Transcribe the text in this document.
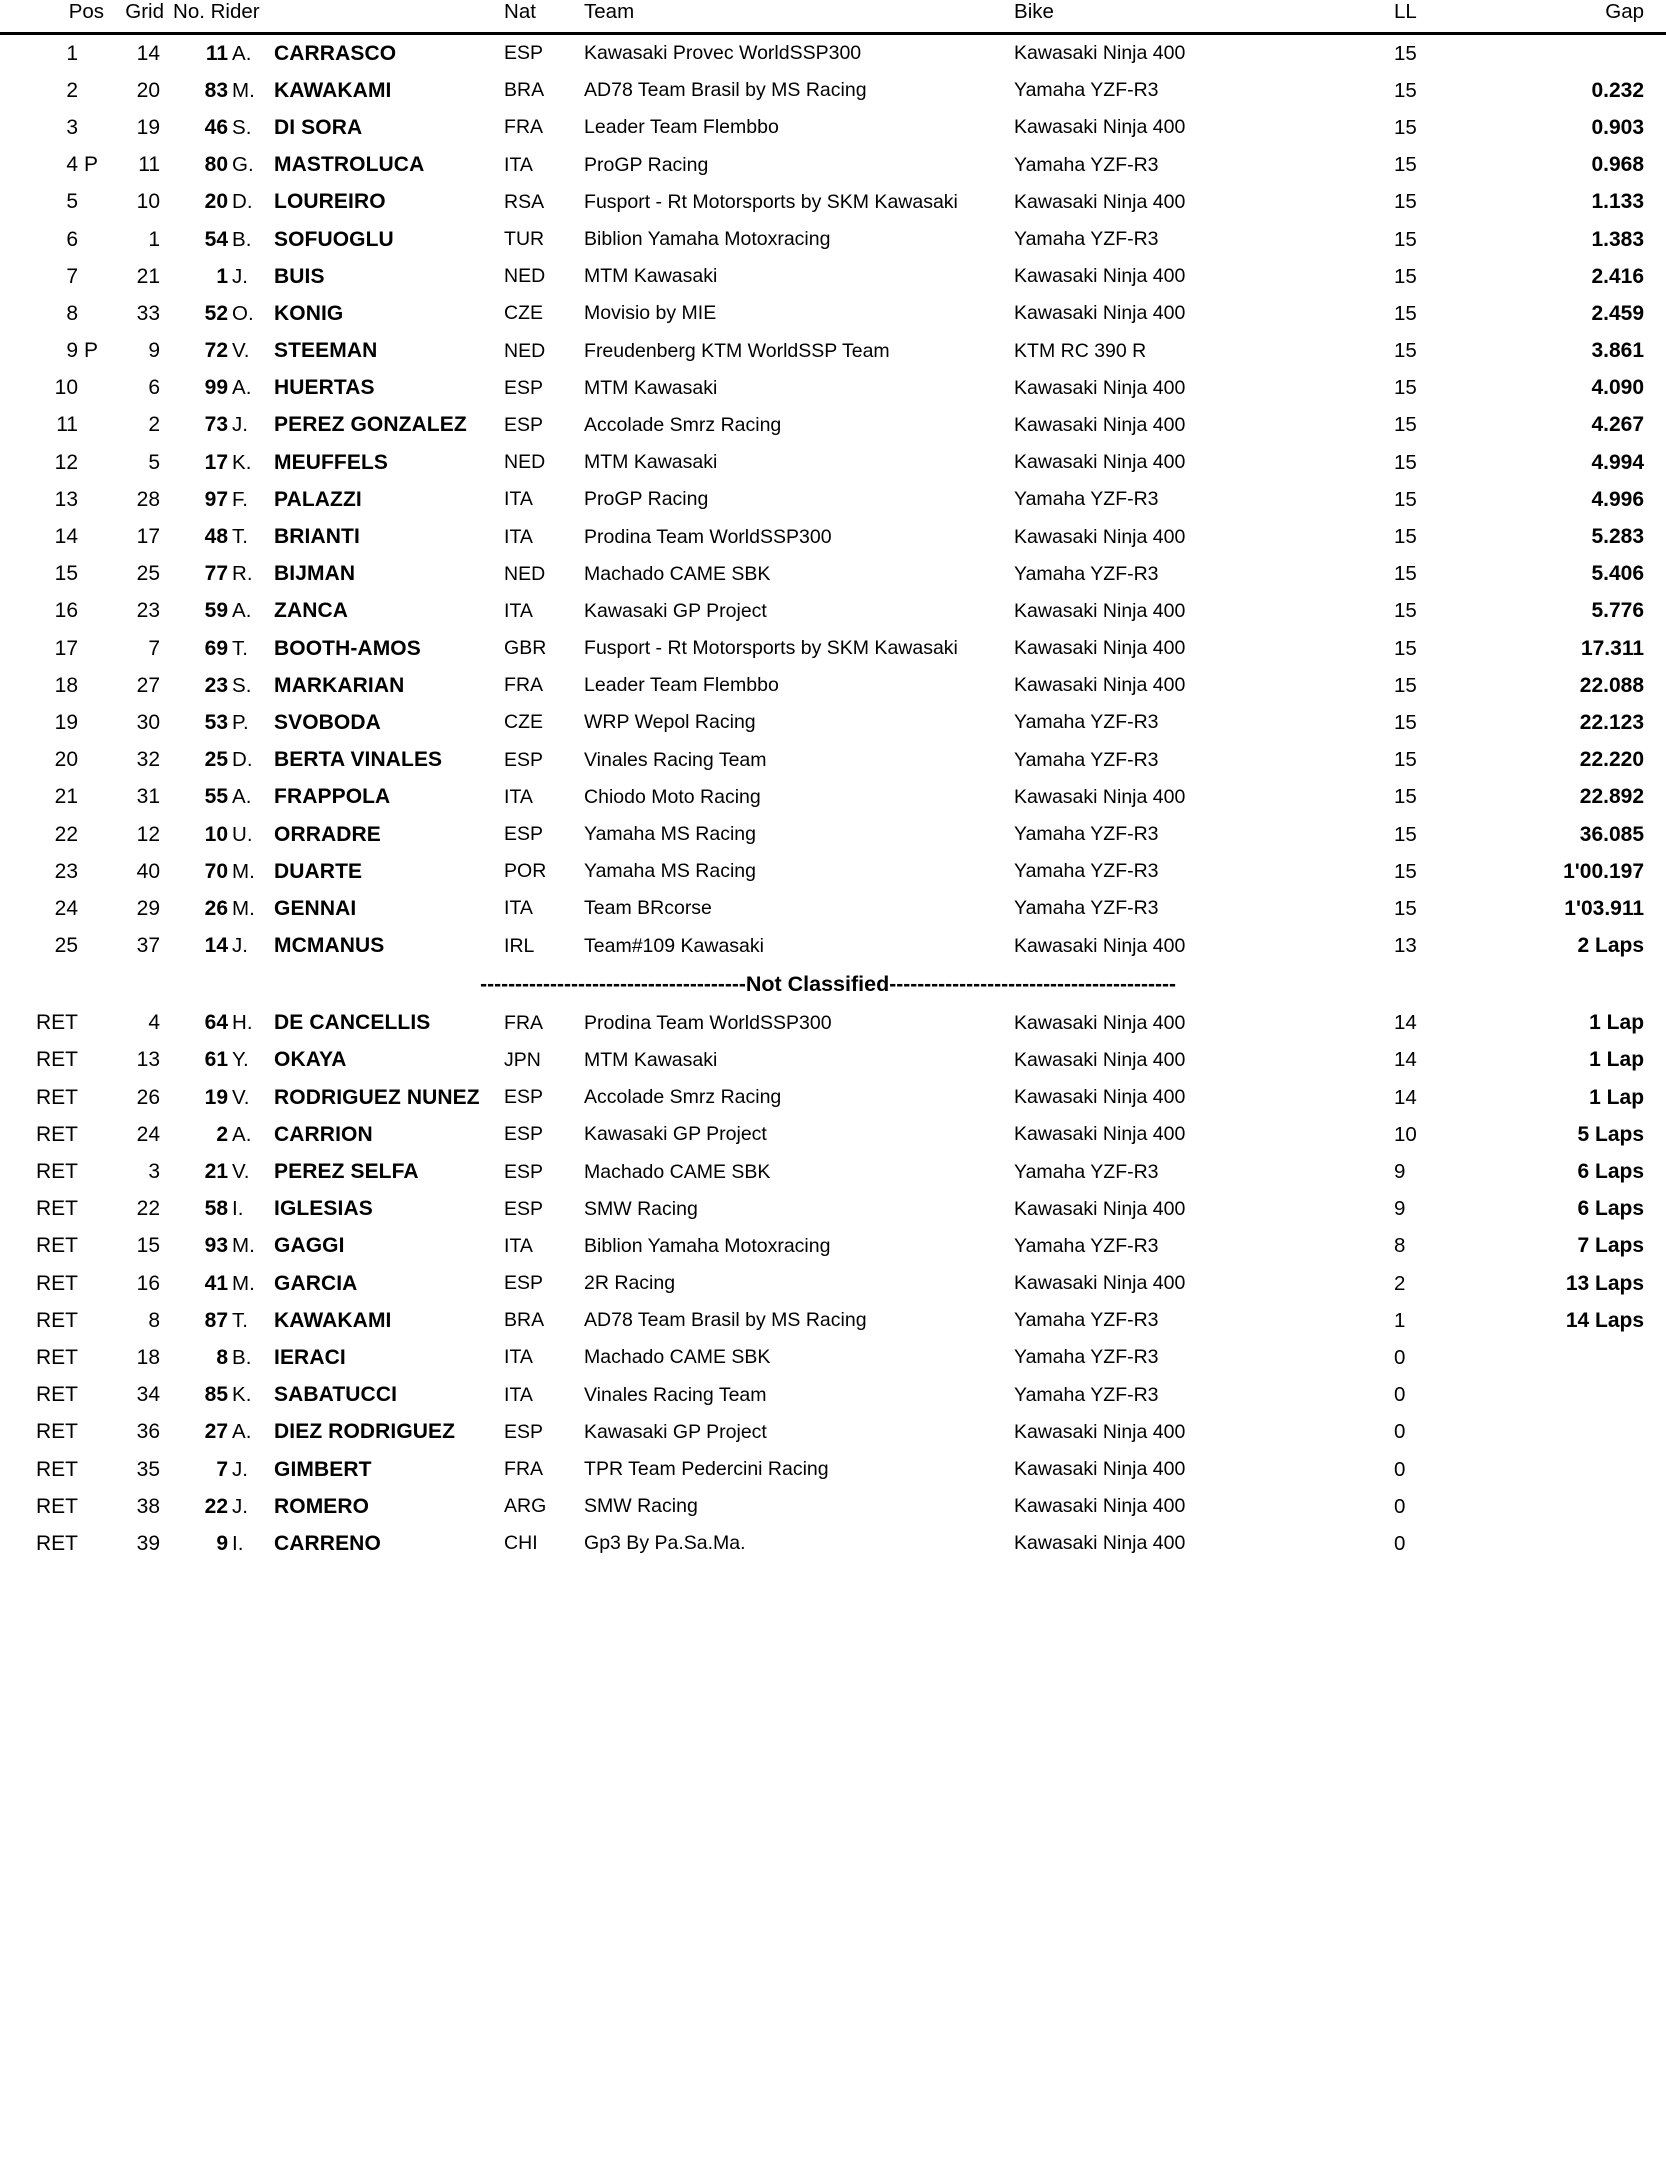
Pos		Grid	No. Rider			Nat	Team	Bike	LL	Gap

1		14	11	A.	CARRASCO	ESP	Kawasaki Provec WorldSSP300	Kawasaki Ninja 400	15	
2		20	83	M.	KAWAKAMI	BRA	AD78 Team Brasil by MS Racing	Yamaha YZF-R3	15	0.232
3		19	46	S.	DI SORA	FRA	Leader Team Flembbo	Kawasaki Ninja 400	15	0.903
4	P	11	80	G.	MASTROLUCA	ITA	ProGP Racing	Yamaha YZF-R3	15	0.968
5		10	20	D.	LOUREIRO	RSA	Fusport - Rt Motorsports by SKM Kawasaki	Kawasaki Ninja 400	15	1.133
6		1	54	B.	SOFUOGLU	TUR	Biblion Yamaha Motoxracing	Yamaha YZF-R3	15	1.383
7		21	1	J.	BUIS	NED	MTM Kawasaki	Kawasaki Ninja 400	15	2.416
8		33	52	O.	KONIG	CZE	Movisio by MIE	Kawasaki Ninja 400	15	2.459
9	P	9	72	V.	STEEMAN	NED	Freudenberg KTM WorldSSP Team	KTM RC 390 R	15	3.861
10		6	99	A.	HUERTAS	ESP	MTM Kawasaki	Kawasaki Ninja 400	15	4.090
11		2	73	J.	PEREZ GONZALEZ	ESP	Accolade Smrz Racing	Kawasaki Ninja 400	15	4.267
12		5	17	K.	MEUFFELS	NED	MTM Kawasaki	Kawasaki Ninja 400	15	4.994
13		28	97	F.	PALAZZI	ITA	ProGP Racing	Yamaha YZF-R3	15	4.996
14		17	48	T.	BRIANTI	ITA	Prodina Team WorldSSP300	Kawasaki Ninja 400	15	5.283
15		25	77	R.	BIJMAN	NED	Machado CAME SBK	Yamaha YZF-R3	15	5.406
16		23	59	A.	ZANCA	ITA	Kawasaki GP Project	Kawasaki Ninja 400	15	5.776
17		7	69	T.	BOOTH-AMOS	GBR	Fusport - Rt Motorsports by SKM Kawasaki	Kawasaki Ninja 400	15	17.311
18		27	23	S.	MARKARIAN	FRA	Leader Team Flembbo	Kawasaki Ninja 400	15	22.088
19		30	53	P.	SVOBODA	CZE	WRP Wepol Racing	Yamaha YZF-R3	15	22.123
20		32	25	D.	BERTA VINALES	ESP	Vinales Racing Team	Yamaha YZF-R3	15	22.220
21		31	55	A.	FRAPPOLA	ITA	Chiodo Moto Racing	Kawasaki Ninja 400	15	22.892
22		12	10	U.	ORRADRE	ESP	Yamaha MS Racing	Yamaha YZF-R3	15	36.085
23		40	70	M.	DUARTE	POR	Yamaha MS Racing	Yamaha YZF-R3	15	1'00.197
24		29	26	M.	GENNAI	ITA	Team BRcorse	Yamaha YZF-R3	15	1'03.911
25		37	14	J.	MCMANUS	IRL	Team#109 Kawasaki	Kawasaki Ninja 400	13	2 Laps

-------------------------------------- Not Classified -----------------------------------------										

RET		4	64	H.	DE CANCELLIS	FRA	Prodina Team WorldSSP300	Kawasaki Ninja 400	14	1 Lap
RET		13	61	Y.	OKAYA	JPN	MTM Kawasaki	Kawasaki Ninja 400	14	1 Lap
RET		26	19	V.	RODRIGUEZ NUNEZ	ESP	Accolade Smrz Racing	Kawasaki Ninja 400	14	1 Lap
RET		24	2	A.	CARRION	ESP	Kawasaki GP Project	Kawasaki Ninja 400	10	5 Laps
RET		3	21	V.	PEREZ SELFA	ESP	Machado CAME SBK	Yamaha YZF-R3	9	6 Laps
RET		22	58	I.	IGLESIAS	ESP	SMW Racing	Kawasaki Ninja 400	9	6 Laps
RET		15	93	M.	GAGGI	ITA	Biblion Yamaha Motoxracing	Yamaha YZF-R3	8	7 Laps
RET		16	41	M.	GARCIA	ESP	2R Racing	Kawasaki Ninja 400	2	13 Laps
RET		8	87	T.	KAWAKAMI	BRA	AD78 Team Brasil by MS Racing	Yamaha YZF-R3	1	14 Laps
RET		18	8	B.	IERACI	ITA	Machado CAME SBK	Yamaha YZF-R3	0	
RET		34	85	K.	SABATUCCI	ITA	Vinales Racing Team	Yamaha YZF-R3	0	
RET		36	27	A.	DIEZ RODRIGUEZ	ESP	Kawasaki GP Project	Kawasaki Ninja 400	0	
RET		35	7	J.	GIMBERT	FRA	TPR Team Pedercini Racing	Kawasaki Ninja 400	0	
RET		38	22	J.	ROMERO	ARG	SMW Racing	Kawasaki Ninja 400	0	
RET		39	9	I.	CARRENO	CHI	Gp3 By Pa.Sa.Ma.	Kawasaki Ninja 400	0	
